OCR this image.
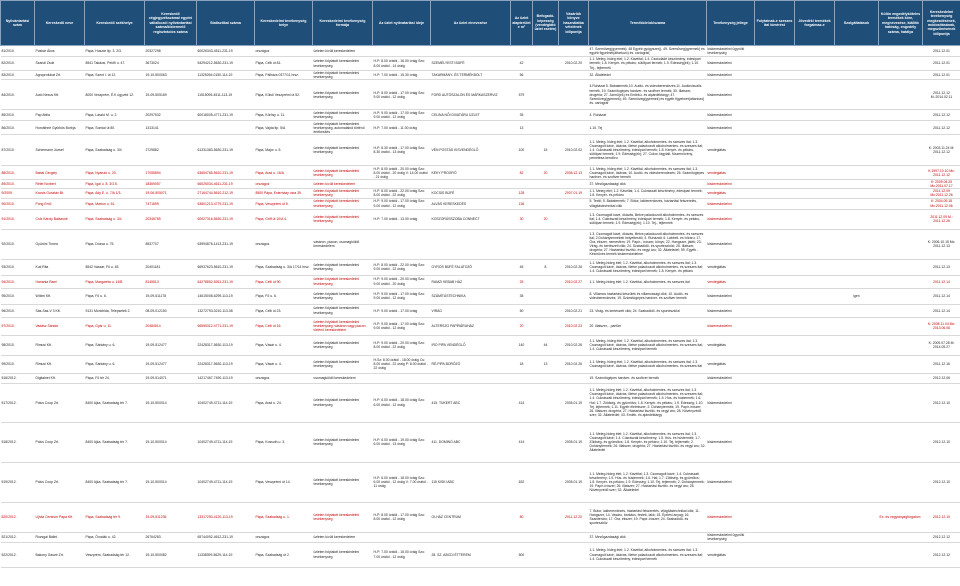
Nyilvántartási szám	Kereskedő neve	Kereskedő székhelye	Kereskedő cégjegyzékszáma/ egyéni vállalkozói nyilvántartási száma/kistermelő regisztrációs száma	Statisztikai száma	Kereskedelmi tevékenység helye	Kereskedelmi tevékenység formája	Az üzlet nyitvatartási ideje	Az üzlet elnevezése	Az üzlet alapterülete m²	Befogadó-képesség (vendéglátó üzlet esetén)	Vásárlók könyve használatba vételének időpontja	Termékkör/ok/szama	Tevékenység jellege	Folytatnak-e szeszes ital kimérést	Jövedéki termékek forgalmaz-e	Szolgáltatások	Külön engedélyköteles termékek köre, megnevezése, kiállító hatóság, engedély száma, hatálya	Kereskedelmi tevékenység megkezdésének, módosításának, megszűnésének időpontja
81/2010.	Puskár Ákos	Pápa, Huszár ltp. 3. 2/3.	20327298	60026343-4511-231-19	országos	üzleten kívüli kereskedelem						47. Szeműveg(gyermek): 48 Egyéb gyógyszer(), 49. Szeműveg(gyermek) és egyéb figyelmét(áttartozó) és. cartográf(	kiskereskedelmi ügynöki tevékenység					2011.12.01
82/2010.	Szandi Zsolt	8541 Takácsi, Petőfi u. 47.	3673024	54294212-5630-231-19	Pápa, Celli út 81.	üzleten folytatott kereskedelmi tevékenység	H-P: 8.00 órától - 16.00 óráig Szo: 8.00 órától - 14 óráig	SZEMÉLYESTI BÜFÉ	42		2010.02.20	1.1. Meleg- hideg étel; 1.2. Kávéital; 1.4. Csokoládé készítmény, édesipari termék; 1.8. Kenyér- és pékáru, sütőipari termék; 1.9. Édesség(ek); 1.10. Tej-, tejtermék	kiskereskedelmi					2011.12.01
83/2010.	Agroprofukat Zrt.	Pápa, Szent I. út 12.	19-10-500063	11325266-0150-114-19	Pápa, Pálháza 0377/11 hrsz.	üzleten folytatott kereskedelmi tevékenység	H-P: 7.00 órától - 15.30 óráig	TAKARMÁNY- ÉS TERMÉKBOLT	56			32. Állateledel	kiskereskedelmi					2011.12.01
84/2010.	Autó Nexus Kft.	8000 Veszprém, É.K úgyvéd 12.	19-09-505169	11515095-4511-113-19	Pápa, Külső Veszprémi út 52.	üzleten folytatott kereskedelmi tevékenység	H-P: 8.00 órától - 17.00 óráig Szo: 9.00 órától - 12 óráig	FORD AUTÓSZALON ÉS MÁRKASZERVIZ	579			4.Ruházat 5. Babatermék,10. Audió- és videoberendezés,11. Audiovizuális termék, 19. Számítógépes hardver- és szoftver termék; 30. Illatszer, drogéria; 27. Jármű(ek) és Emlékú- és alpárdéktárgy; 47. Szeműveg(gyermek); 49. Szeműveg(gyermek) és egyéb figyelmét(áttartozó) és. cartográf	kiskereskedelmi					2011.12.12 M.:2014.02.11
85/2010.	Pap Attila	Pápa, László M. u. 2.	20297532	60018005-4771-231-19	Pápa, Kőrösy u. 11.	üzleten folytatott kereskedelmi tevékenység	H-P: 9.00 órától - 17.00 óráig Szo: 9.00 órától - 12 óráig	CELINA NŐI DIVATÁRU ÜZLET	35			4. Ruházat	kiskereskedelmi					2011.12.12
86/2010.	Horváthné Gyürkös Borbja	Pápa, Somlai út 80.	1313141		Pápa, Vajda ltp. 5/A	üzleten folytatott kereskedelmi tevékenység, automatából történő értékesítés	H-P: 7.00 órától - 11.00 óráig		13			1.10. Tej	kiskereskedelmi					2011.12.12
87/2010.	Schermann József	Pápa, Szabadság u. 3/4	2729882	61331383-5630-231-19	Pápa, Major u. 5.	üzleten folytatott kereskedelmi tevékenység	H-P: 8.30 órától - 17.00 óráig Szo: 8.30 órától - 13 óráig	VÉN POSTÁS KISVENDÉGLŐ	100	15	2010.02.02	1.1. Meleg- hideg étel; 1.2. Kávéital, alkoholmentes- és szeszes ital; 1.3. Csomagolt kávé, ókávás, illetve palackozott alkoholmentes- és szeszes ital; 1.4. Cukrászati készítmény, édesipari termék; 1.8. Kenyér- és pékáru, sütőipari termék; 1.9. Édesség(ek); 27. Cukor, fagylalt, fűszernövény, pemetésa kendőru	vendéglátás					K: 2003.11.24 M: 2011.12.12
88/2010.	Babai Gergely	Pápa, Nyárutó u. 20.	17055894	63654765-5610-231-19	Pápa, Arad u. 16/A	üzleten folytatott kereskedelmi tevékenység	H-P: 8.00 órától - 20.00 óráig Szo: 8.00 órától - 20 óráig V: 14.00 órától - 21 óráig	KEKY PROGRÓ	82	20	2008.12.13	1.1. Meleg- hideg étel; 1.2. Kávéital, alkoholmentes- és szeszes ital; 1.3. Csomagolt kávé, ókávás; 10. Audió- és videoberendezés; 25. Számítógépes hardver- és szoftver termék	vendéglátás					K:1997.10.10 Mc: 2011.12.12
89/2010.	Rétei Norbert	Pápa, Igal u. 8. 3/3.5.	18369057	66025034-4611-231-19	országos	üzleten kívüli kereskedelem						37. Mezőgazdasági cikk	kiskereskedelmi					K: 2009.04.25 Mc:2011.07.17
9/2009.	Kocsis Gusztáv Bt.	Pápa, Ady E. u. 7/A 1/3.	19-06-505071	27164744-5610-212-19	8500 Pápa, Esterházy utca 39.	üzleten folytatott kereskedelmi tevékenység	H-P: 8.00 órától - 22.00 óráig Szo: 8.00 órától - 22 óráig	KOCSIS BÜFÉ	128		2007.01.19	1.1. Meleg étel; 1.2. Kávéital; 1.4. Cukrászati készítmény, édesipari termék; 1.8. Kenyér- és pékáru	vendéglátás					2011.12.09 Mc:2011.12.26
90/2010.	Pong Emő	Pápa, Marton u. 51.	7471699	63801213-4779-231-19	Pápa, Veszprémi út 5.	üzleten folytatott kereskedelmi tevékenység	H-P: 9.00 órától - 17.00 óráig Szo: 9.00 órától - 12 óráig	ALVÁS KERESKEDÉS	136			5. Textil; 5. Babatermék; 7. Bútor, lakberendezés, háztartási felszerelés, világítástechnikai cikk	kiskereskedelmi					K: 2004.09.18 Mc:2011.12.06
91/2010.	Csík Károly Balázsné	Pápa, Szabadság u. 3/4	20348789	60027316-5630-231-19	Pápa, Griff út 10/A 4.	üzleten folytatott kereskedelmi tevékenység	H-P: 7.00 órától - 13.00 óráig	KOSZORÚSSZOBA CONNECT	30	20		1.3. Csomagolt kávé, ókávás, illetve palackozott alkoholmentes- és szeszes ital; 1.4. Cukrászati készítmény, édesipari termék; 1.8. Kenyér- és pékáru, sütőipari termék; 1.9. Édesség(ek); 1.10. Tej-, tejtermék	kiskereskedelmi					2011.12.09 M.: 2011.12.26
92/2010.	Gyüröni Tímea	Pápa, Dózsa u. 75.	8537707	63994876-1413-231-19	országos	vásáron, piacon, csomagküldő kereskedelem						1.3. Csomagolt kávé, ókávás, illetve palackozott alkoholmentes- és szeszes ital; 2.Dohánytermékek helyettesítő; 4. Ruházati; 6. Lábbeli- és bőráru; 17. Óra, ékszer, nemesfém; 19. Papír-, írószer, könyv; 22. Hangszer, játék; 23. Virág- és kertészeti cikk; 24. Szabadidő- és sporteszközi; 26. Illatszer, drogéria; 27. Háztartási tisztító- és vegyi áru; 32. Állateledel; 59. Egyéb - Kézműves termék kiskereskedelme	kiskereskedelmi					K: 2006.10.15 Mc: 2011.12.13
93/2010.	Kuti Rita	8542 Vaszar, Fő u. 45.	20401181	66937623-5610-231-19	Pápa, Szabadság u. 3/A 17/14 hrsz.	üzleten folytatott kereskedelmi tevékenység	H-P: 8.00 órától - 22.00 óráig Szo: 9.00 órától - 22 óráig	GYROS BÜFÉ FALATOZÓ	45	8	2010.02.26	1.1. Meleg-hideg étel; 1.2. Kávéital, alkoholmentes- és szeszes ital; 1.3. Csomagolt kávé, ókávás, illetve palackozott alkoholmentes- és szeszes ital; 1.4. Cukrászati készítmény, édesipari termék; 1.8. Kenyér- és pékáru	vendéglátás					2011.12.13
94/2010.	Hanania Rami	Pápa, Margaréta u. 14/B	8145513	64278852-5261-231-19	Pápa, Celli út 90.	üzleten folytatott kereskedelmi tevékenység	H-P: 9.00 órától - 20.00 óráig Szo: 9.00 órától - 20 óráig	RAMZI KEBAB HÁZ	25		2010.02.27	1.1. Meleg-hideg étel; 1.2. Kávéital, alkoholmentes- és szeszes ital	vendéglátás					2011.12.14
95/2010.	Wölmi Kft.	Pápa, Fő u. 6.	19-09-511178	14615008-6299-113-19	Pápa, Fő u. 6.	üzleten folytatott kereskedelmi tevékenység	H-P: 9.00 órától - 17.00 óráig Szo: 9.00 órától - 12 óráig	SZÁMÍTÁSTECHNIKA	35			8. Villamos háztartási készülék és villamossági cikk; 10. Audió- és videoberendezés; 19. Számítógépes hardver- és szoftver termék	kiskereskedelmi			igen		2011.12.14
96/2010.	Sás-Sas-V 3 Kft.	9131 Mórichida, Telepsetek 2.	08-09-012150	13272793-0210-113-08	Pápa, Celli út 23.	üzleten folytatott kereskedelmi tevékenység	H-P: 9.00 órától - 17.00 óráig	VIRÁG	50		2010.02.21	23. Virág- és kertészeti cikk; 24. Szabadidő- és sporteszközi	kiskereskedelmi					2011.12.14
97/2010.	Vadász Sándor	Pápa, Gyár u. 11.	20484514	66555312-4771-231-19	Pápa, Celli út 16.	üzleten folytatott kereskedelmi tevékenység; vásáron vagy piacon történő kereskedelem	H-P: 9.00 órától - 17.00 óráig Szo: 9.00 órától - 12 óráig	ALTERSZO PAPÍRÁRUHÁZ	20		2010.02.23	20. Illatszer, - parfüm	kiskereskedelmi					K: 2008.11.04 Mc: 2013.06.06
98/2010.	Rimusi Kft.	Pápa, Sárkány u. 6.	19-09-512477	22428317-5630-113-19	Pápa, Vásár u. 4.	üzleten folytatott kereskedelmi tevékenység	H-P: 9.00 órától - 20.00 óráig Szo: 8.00 órától - 22 óráig	IRO PIPA VENDÉGLŐ	140	44	2010.02.26	1.1. Meleg- hideg étel; 1.2. Kávéital, alkoholmentes- és szeszes ital; 1.3. Csomagolt kávé, ókávás, illetve palackozott alkoholmentes- és szeszes ital; 1.4. Cukrászati készítmény, édesipari termék	vendéglátás					K: 2009.07.28 M: 2014.05.27
99/2010.	Rimusi Kft.	Pápa, Sárkány u. 6.	19-09-512477	22428317-5630-113-19	Pápa, Vásár u. 4.	üzleten folytatott kereskedelmi tevékenység	H-Sz: 8.00 órától - 18.00 óráig Cs: 8.00 órától - 22 óráig P: 8.00 órától - 22 óráig	RÉ-PIPA BORÓZÓ	18	13	2010.02.26	1.1. Meleg- hideg étel; 1.2. Kávéital, alkoholmentes- és szeszes ital; 1.3. Csomagolt kávé, ókávás, illetve palackozott alkoholmentes- és szeszes ital	vendéglátás					2011.12.16
516/2012.	Digitalnet Kft.	Pápa, Fő tér 24.	19-09-514071	14217467-7490-113-19	országos	csomagküldő kereskedelem						19. Számítógépes hardver- és szoftver termék	kiskereskedelmi					2012.12.06
517/2012.	Polus Coop Zrt.	8400 Ajka, Szabadság tér 7.	19-10-500014	10402749-4711-114-19	Pápa, Arad u. 24.	üzleten folytatott kereskedelmi tevékenység	H-P: 6.00 órától - 18.00 óráig Szo: 6.00 órától - 12 óráig	415. TÜKERT ABC	414		2005.01.19	1.1. Meleg-hideg étel; 1.2. Kávéital, alkoholmentes- és szeszes ital; 1.3. Csomagolt kávé, ókávás, illetve palackozott alkoholmentes- és szeszes ital; 1.4. Cukrászati készítmény, édesipari termék; 1.5. Hús- és hústermék; 1.6. Hal; 1.7. Zöldség- és gyümölcs; 1.8. Kenyér- és pékáru; 1.9. Édesség; 1.10. Tej, tejtermék; 1.11. Egyéb élelmiszer; 2. Dohánytermék; 19. Papír-írószer; 26. Illatszer, drogéria; 27. Háztartási tisztító- és vegyi áru; 28. Növényvédő szer; 32. Állateledel; 43. Emlék- és ajándéktárgy	kiskereskedelmi					2012.12.10
518/2012.	Polus Coop Zrt.	8400 Ajka, Szabadság tér 7.	19-10-500014	10402749-4711-114-19	Pápa, Kossuth u. 3.	üzleten folytatott kereskedelmi tevékenység	H-P: 6.00 órától - 19.00 óráig Szo: 6.00 órától - 13 óráig	411. DOMINÓ ABC	414		2005.01.19	1.1. Meleg-hideg étel; 1.2. Kávéital, alkoholmentes- és szeszes ital; 1.3. Csomagolt kávé; 1.4. Cukrászati készítmény; 1.5. Hús- és hústermék; 1.7. Zöldség- és gyümölcs; 1.8. Kenyér- és pékáru; 1.10. Tej, tejtermék; 2. Dohánytermék; 26. Illatszer, drogéria; 27. Háztartási tisztító- és vegyi áru; 32. Állateledel	kiskereskedelmi					2012.12.10
519/2012.	Polus Coop Zrt.	8400 Ajka, Szabadság tér 7.	19-10-500014	10402749-4711-114-19	Pápa, Veszprémi út 14.	üzleten folytatott kereskedelmi tevékenység	H-P: 6.00 órától - 18.00 óráig Szo: 6.00 órától - 12 óráig V: 7.00 órától - 11 óráig	115 KISKI ABC	632		2005.01.19	1.1. Meleg-hideg étel; 1.2. Kávéital; 1.3. Csomagolt kávé; 1.4. Cukrászati készítmény; 1.5. Hús- és hústermék; 1.6. Hal; 1.7. Zöldség- és gyümölcs; 1.8. Kenyér- és pékáru; 1.9. Édesség; 1.10. Tej, tejtermék; 2. Dohánytermék; 19. Papír-írószer; 26. Illatszer; 27. Háztartási tisztító- és vegyi áru; 28. Növényvédő szer; 32. Állateledel	kiskereskedelmi					2012.12.10
520/2012.	Ujház Centrum Pápa Kft.	Pápa, Szabadság tér 9.	19-09-511235	13317250-4120-113-19	Pápa, Szabadság u. 1.	üzleten folytatott kereskedelmi tevékenység	H-P: 8.00 órától - 17.00 óráig Szo: 8.00 órától - 12 óráig	GI-HÁZ CENTRUM	80		2011.12.20	7. Bútor, lakberendezés, háztartási felszerelés, világítástechnikai cikk; 11. Hangszer; 14. Vasáru, barkács, festék, lakk; 15. Építési anyag; 16. Szaniteráru; 17. Óra, ékszer; 19. Papír-írószer; 24. Szabadidő- és sporteszköz	kiskereskedelmi				Ex- és vegyianyagforgalom	2012.12.10
521/2012.	Rozsgai Bálint	Pápa, Óvodák u. 42.	26764283	65744092-4612-231-19	országos	üzleten kívüli kereskedelem						37. Mezőgazdasági cikk	kiskereskedelmi ügynöki tevékenység					2012.12.12
522/2012.	Bakony Gasztr Zrt.	Veszprém, Szabadság tér 12.	19-10-500082	11338399-5629-114-19	Pápa, Szabadság út 2.	üzleten folytatott kereskedelmi tevékenység	H-P: 7.00 órától - 15.00 óráig Szo: 7.00 órától - 12 óráig	28. SZ. ABCDI ÉTTEREM	500			1.1. Meleg- hideg étel; 1.2. Kávéital, alkoholmentes- és szeszes ital; 1.3. Csomagolt kávé, ókávás, illetve palackozott alkoholmentes- és szeszes ital; 1.4. Cukrászati készítmény, édesipari termék	vendéglátás					2012.12.12
